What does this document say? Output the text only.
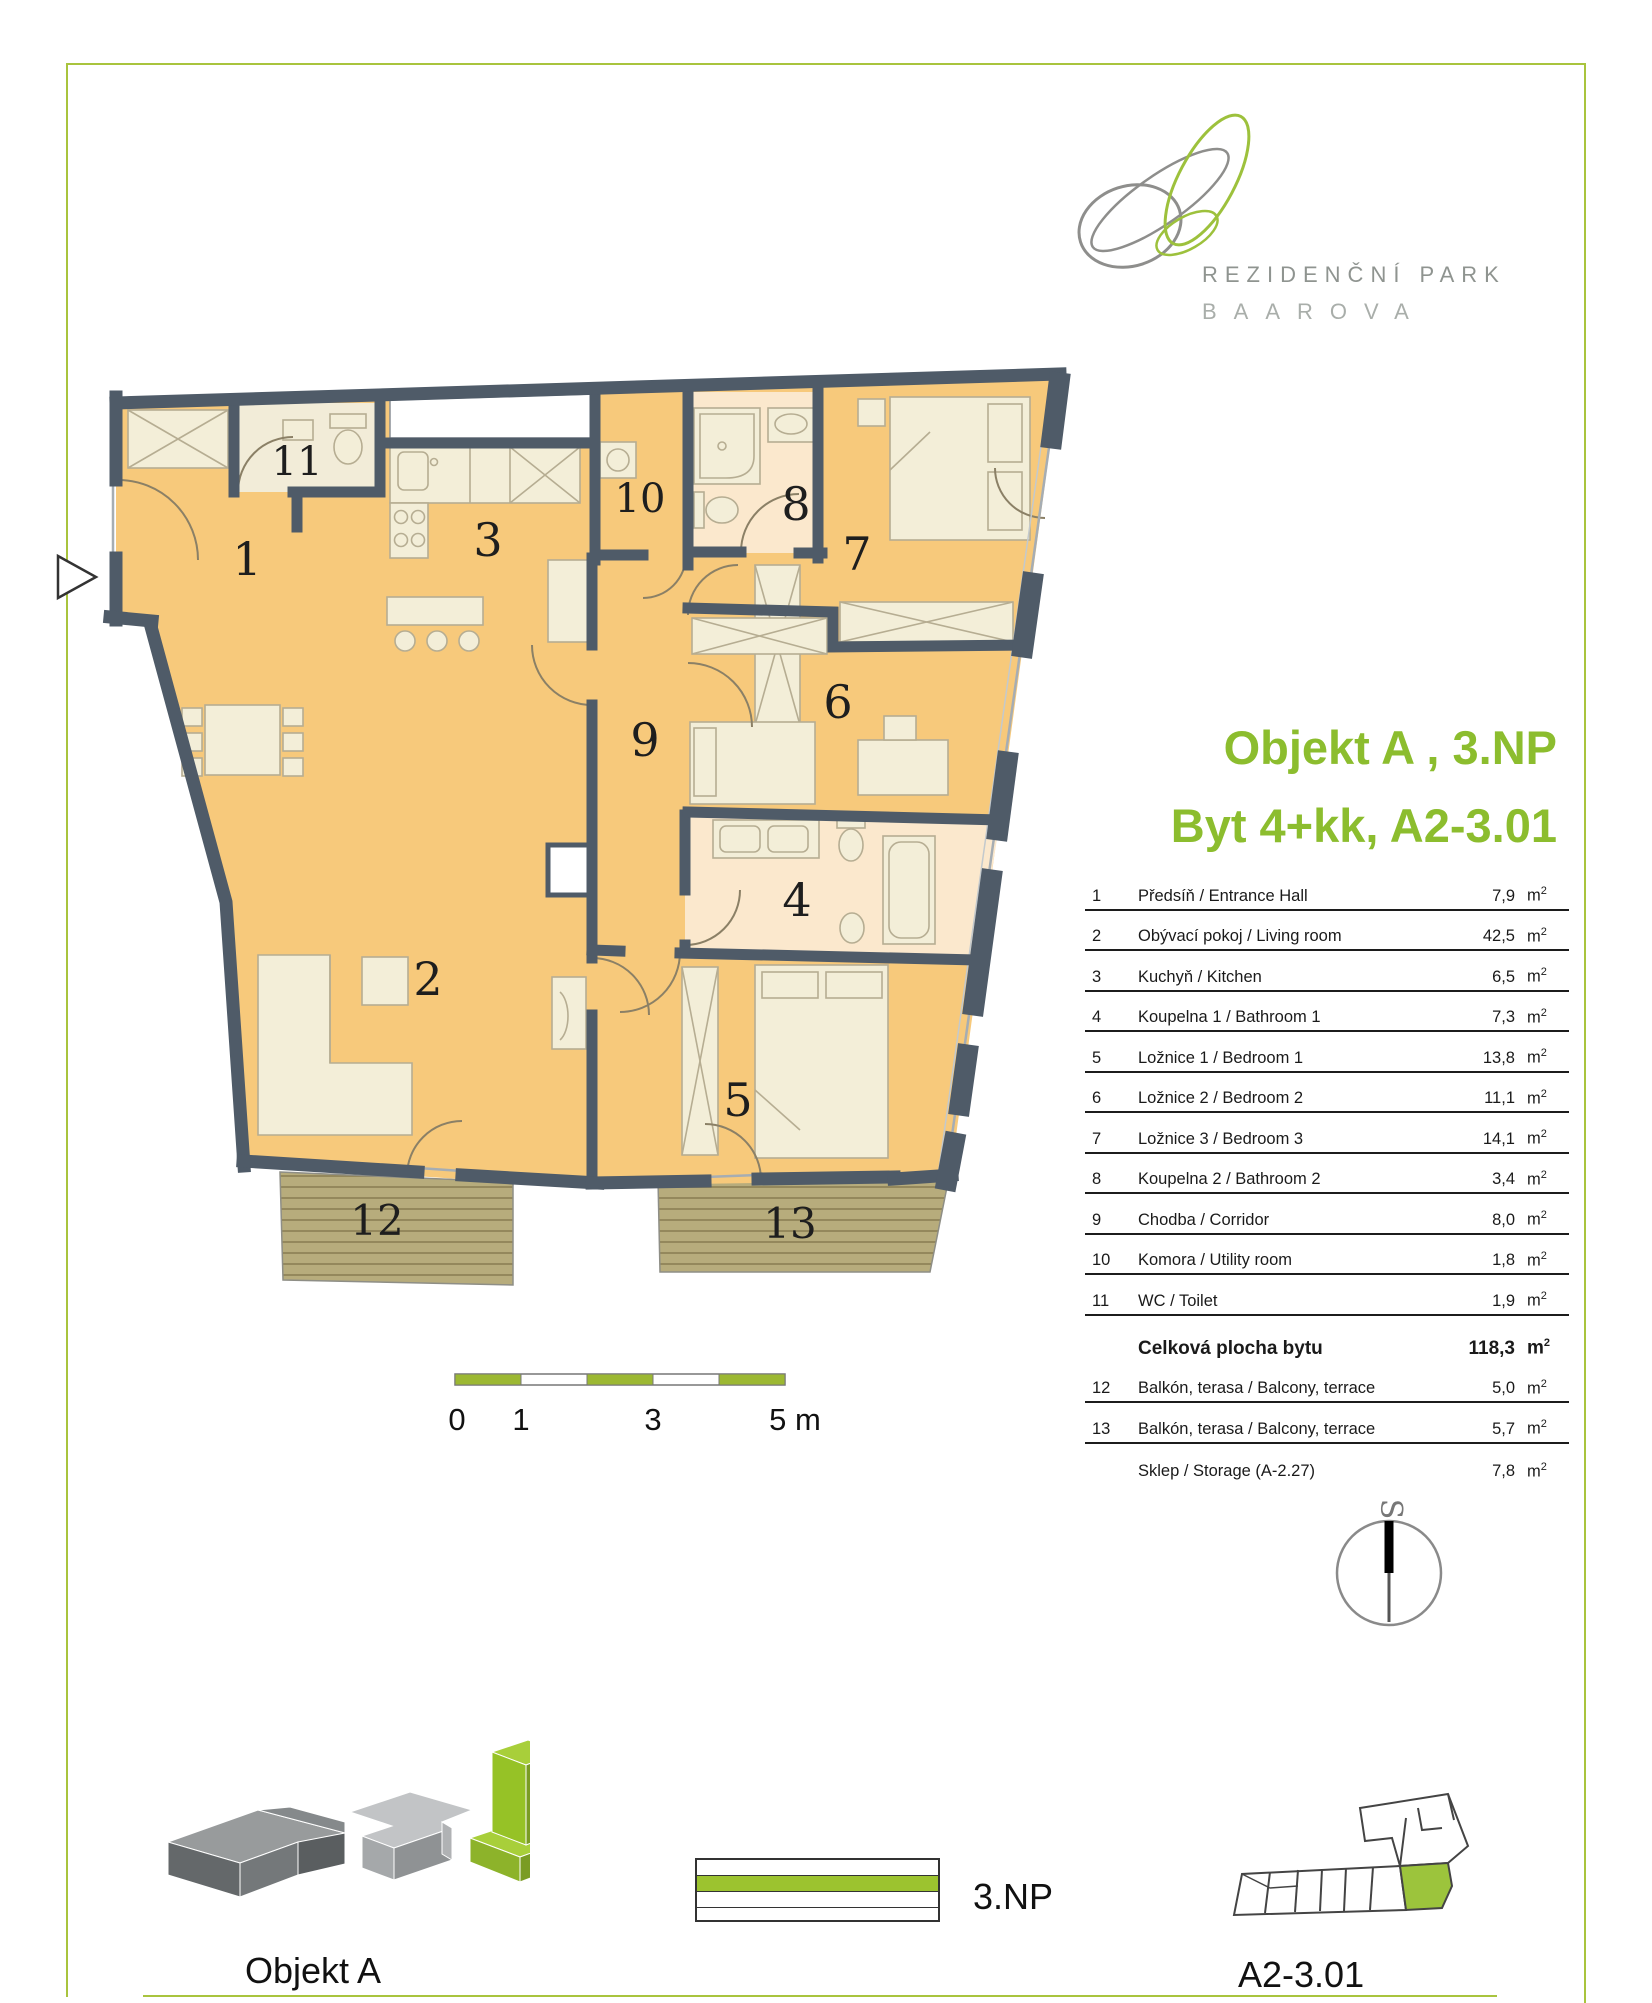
REZIDENČNÍ PARK
BAAROVA
Objekt A , 3.NP
Byt 4+kk, A2-3.01
1	Předsíň / Entrance Hall	7,9 $m^2$
2	Obývací pokoj / Living room	42,5 $m^2$
3	Kuchyň / Kitchen	6,5 $m^2$
4	Koupelna 1 / Bathroom 1	7,3 $m^2$
5	Ložnice 1 / Bedroom 1	13,8 $m^2$
6	Ložnice 2 / Bedroom 2	11,1 $m^2$
7	Ložnice 3 / Bedroom 3	14,1 $m^2$
8	Koupelna 2 / Bathroom 2	3,4 $m^2$
9	Chodba / Corridor	8,0 $m^2$
10	Komora / Utility room	1,8 $m^2$
11	WC / Toilet	1,9 $m^2$
Celková plocha bytu	118,3 $m^2$
12	Balkón, terasa / Balcony, terrace	5,0 $m^2$
13	Balkón, terasa / Balcony, terrace	5,7 $m^2$
Sklep / Storage (A-2.27)	7,8 $m^2$
1
2
3
4
5
6
7
8
9
10
11
12	13
0 1	3	5 m
S
Objekt A
3.NP
A2-3.01
